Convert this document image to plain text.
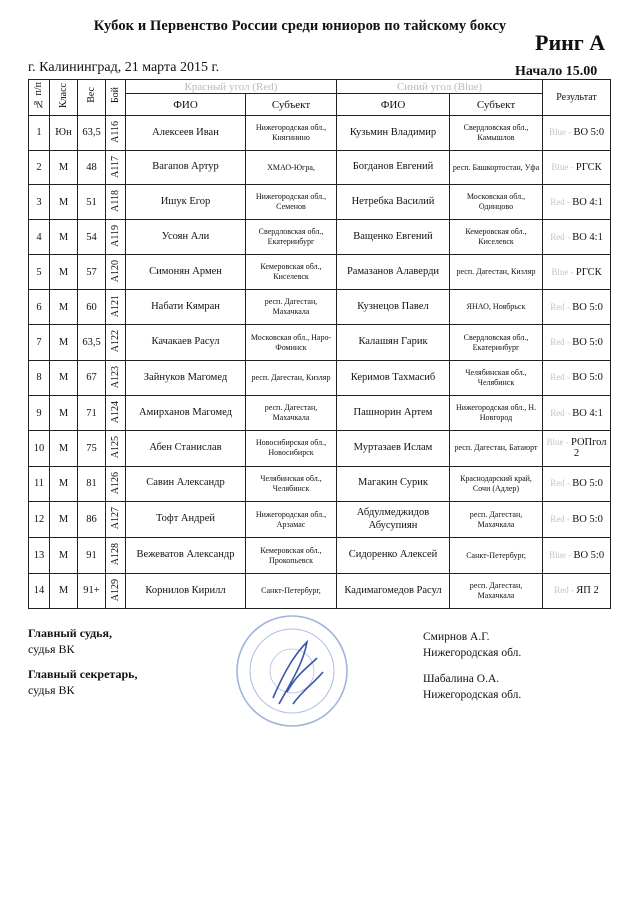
Кубок и Первенство России среди юниоров по тайскому боксу
Ринг А
г. Калининград, 21 марта 2015 г.	Начало 15.00
№ п/п	Класс	Вес	Бой	Красный угол (Red)		Синий угол (Blue)		Результат
				ФИО	Субъект	ФИО	Субъект	
1	Юн	63,5	A116	Алексеев Иван	Нижегородская обл., Княгинино	Кузьмин Владимир	Свердловская обл., Камышлов	Blue - ВО 5:0
2	М	48	A117	Вагапов Артур	ХМАО-Югра,	Богданов Евгений	респ. Башкортостан, Уфа	Blue - РГСК
3	М	51	A118	Ишук Егор	Нижегородская обл., Семенов	Нетребка Василий	Московская обл., Одинцово	Red - ВО 4:1
4	М	54	A119	Усоян Али	Свердловская обл., Екатеринбург	Ващенко Евгений	Кемеровская обл., Киселевск	Red - ВО 4:1
5	М	57	A120	Симонян Армен	Кемеровская обл., Киселевск	Рамазанов Алаверди	респ. Дагестан, Кизляр	Blue - РГСК
6	М	60	A121	Набати Кямран	респ. Дагестан, Махачкала	Кузнецов Павел	ЯНАО, Ноябрьск	Red - ВО 5:0
7	М	63,5	A122	Качакаев Расул	Московская обл., Наро-Фоминск	Калашян Гарик	Свердловская обл., Екатеринбург	Red - ВО 5:0
8	М	67	A123	Зайнуков Магомед	респ. Дагестан, Кизляр	Керимов Тахмасиб	Челябинская обл., Челябинск	Red - ВО 5:0
9	М	71	A124	Амирханов Магомед	респ. Дагестан, Махачкала	Пашнорин Артем	Нижегородская обл., Н. Новгород	Red - ВО 4:1
10	М	75	A125	Абен Станислав	Новосибирская обл., Новосибирск	Муртазаев Ислам	респ. Дагестан, Батаюрт	Blue - РОПгол 2
11	М	81	A126	Савин Александр	Челябинская обл., Челябинск	Магакин Сурик	Краснодарский край, Сочи (Адлер)	Red - ВО 5:0
12	М	86	A127	Тофт Андрей	Нижегородская обл., Арзамас	Абдулмеджидов Абусупиян	респ. Дагестан, Махачкала	Red - ВО 5:0
13	М	91	A128	Вежеватов Александр	Кемеровская обл., Прокопьевск	Сидоренко Алексей	Санкт-Петербург,	Blue - ВО 5:0
14	М	91+	A129	Корнилов Кирилл	Санкт-Петербург,	Кадимагомедов Расул	респ. Дагестан, Махачкала	Red - ЯП 2
Главный судья,
судья ВК
Смирнов А.Г.
Нижегородская обл.
Главный секретарь,
судья ВК
Шабалина О.А.
Нижегородская обл.
